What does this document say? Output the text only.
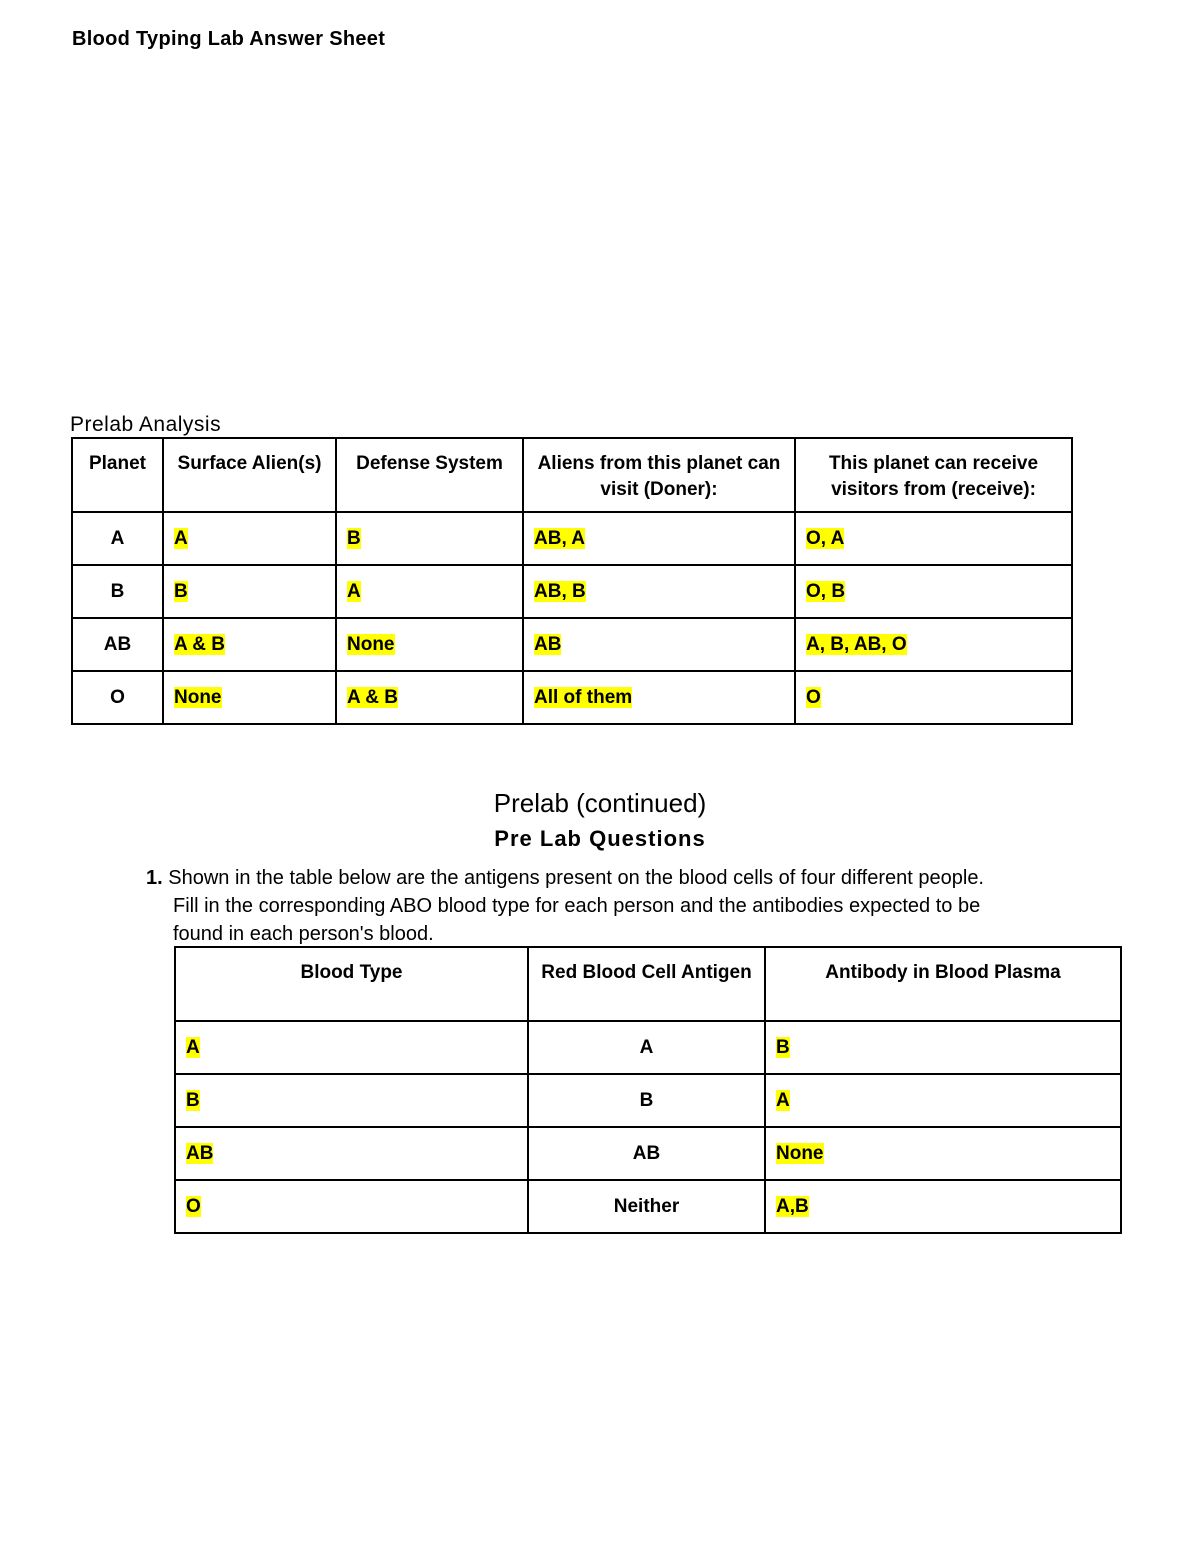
Blood Typing Lab Answer Sheet
Prelab Analysis
Planet	Surface Alien(s)	Defense System	Aliens from this planet can visit (Doner):	This planet can receive visitors from (receive):
A	A	B	AB, A	O, A
B	B	A	AB, B	O, B
AB	A & B	None	AB	A, B, AB, O
O	None	A & B	All of them	O
Prelab (continued)
Pre Lab Questions
1. Shown in the table below are the antigens present on the blood cells of four different people.
Fill in the corresponding ABO blood type for each person and the antibodies expected to be
found in each person's blood.
Blood Type	Red Blood Cell Antigen	Antibody in Blood Plasma
A	A	B
B	B	A
AB	AB	None
O	Neither	A,B
